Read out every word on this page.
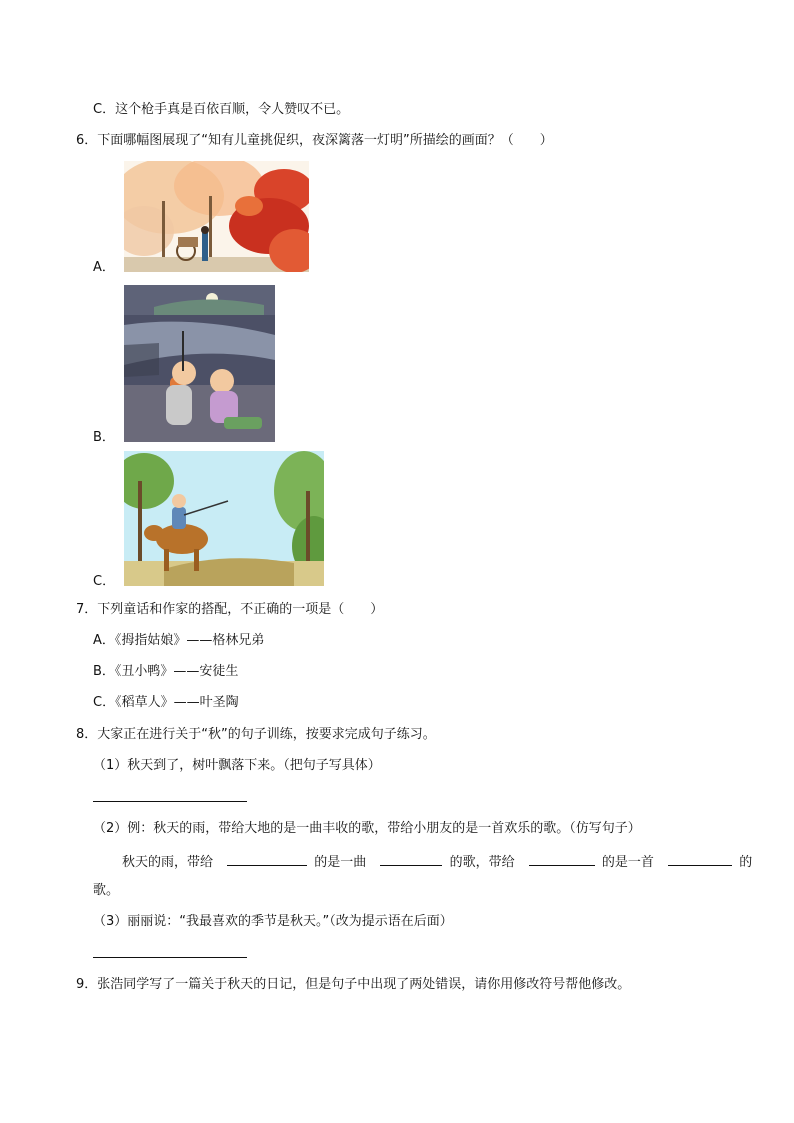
C．这个枪手真是百依百顺，令人赞叹不已。
6．下面哪幅图展现了“知有儿童挑促织，夜深篱落一灯明”所描绘的画面？（　　）
A．
B．
C．
7．下列童话和作家的搭配，不正确的一项是（　　）
A．《拇指姑娘》——格林兄弟
B．《丑小鸭》——安徒生
C．《稻草人》——叶圣陶
8．大家正在进行关于“秋”的句子训练，按要求完成句子练习。
（1）秋天到了，树叶飘落下来。（把句子写具体）
（2）例：秋天的雨，带给大地的是一曲丰收的歌，带给小朋友的是一首欢乐的歌。（仿写句子）
秋天的雨，带给	的是一曲	的歌，带给	的是一首	的
歌。
（3）丽丽说：“我最喜欢的季节是秋天。”（改为提示语在后面）
9．张浩同学写了一篇关于秋天的日记，但是句子中出现了两处错误，请你用修改符号帮他修改。
